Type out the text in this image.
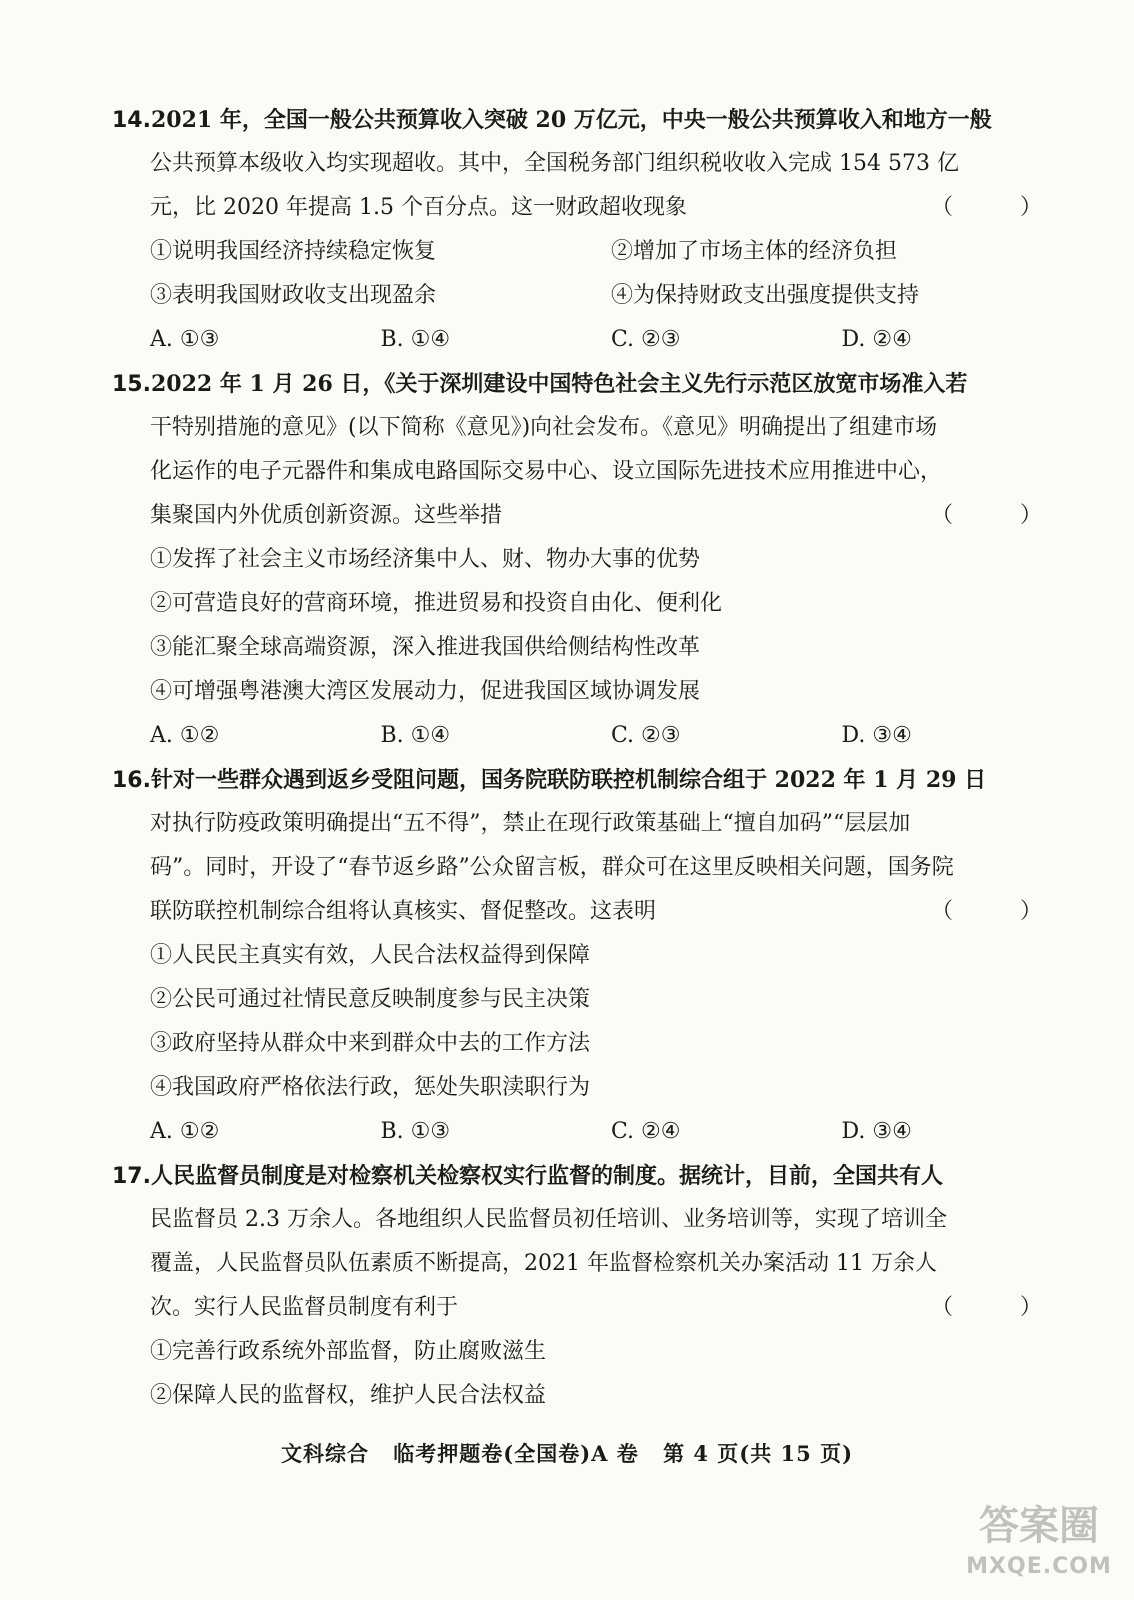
14.2021 年，全国一般公共预算收入突破 20 万亿元，中央一般公共预算收入和地方一般
公共预算本级收入均实现超收。其中，全国税务部门组织税收收入完成 154 573 亿
元，比 2020 年提高 1.5 个百分点。这一财政超收现象	（ ）
①说明我国经济持续稳定恢复	②增加了市场主体的经济负担
③表明我国财政收支出现盈余	④为保持财政支出强度提供支持
A. ①③	B. ①④	C. ②③	D. ②④
15.2022 年 1 月 26 日，《关于深圳建设中国特色社会主义先行示范区放宽市场准入若
干特别措施的意见》(以下简称《意见》)向社会发布。《意见》明确提出了组建市场
化运作的电子元器件和集成电路国际交易中心、设立国际先进技术应用推进中心，
集聚国内外优质创新资源。这些举措	（ ）
①发挥了社会主义市场经济集中人、财、物办大事的优势
②可营造良好的营商环境，推进贸易和投资自由化、便利化
③能汇聚全球高端资源，深入推进我国供给侧结构性改革
④可增强粤港澳大湾区发展动力，促进我国区域协调发展
A. ①②	B. ①④	C. ②③	D. ③④
16.针对一些群众遇到返乡受阻问题，国务院联防联控机制综合组于 2022 年 1 月 29 日
对执行防疫政策明确提出“五不得”，禁止在现行政策基础上“擅自加码”“层层加
码”。同时，开设了“春节返乡路”公众留言板，群众可在这里反映相关问题，国务院
联防联控机制综合组将认真核实、督促整改。这表明	（ ）
①人民民主真实有效，人民合法权益得到保障
②公民可通过社情民意反映制度参与民主决策
③政府坚持从群众中来到群众中去的工作方法
④我国政府严格依法行政，惩处失职渎职行为
A. ①②	B. ①③	C. ②④	D. ③④
17.人民监督员制度是对检察机关检察权实行监督的制度。据统计，目前，全国共有人
民监督员 2.3 万余人。各地组织人民监督员初任培训、业务培训等，实现了培训全
覆盖，人民监督员队伍素质不断提高，2021 年监督检察机关办案活动 11 万余人
次。实行人民监督员制度有利于	（ ）
①完善行政系统外部监督，防止腐败滋生
②保障人民的监督权，维护人民合法权益
文科综合 临考押题卷(全国卷)A 卷 第 4 页(共 15 页)
答案圈
MXQE.COM
